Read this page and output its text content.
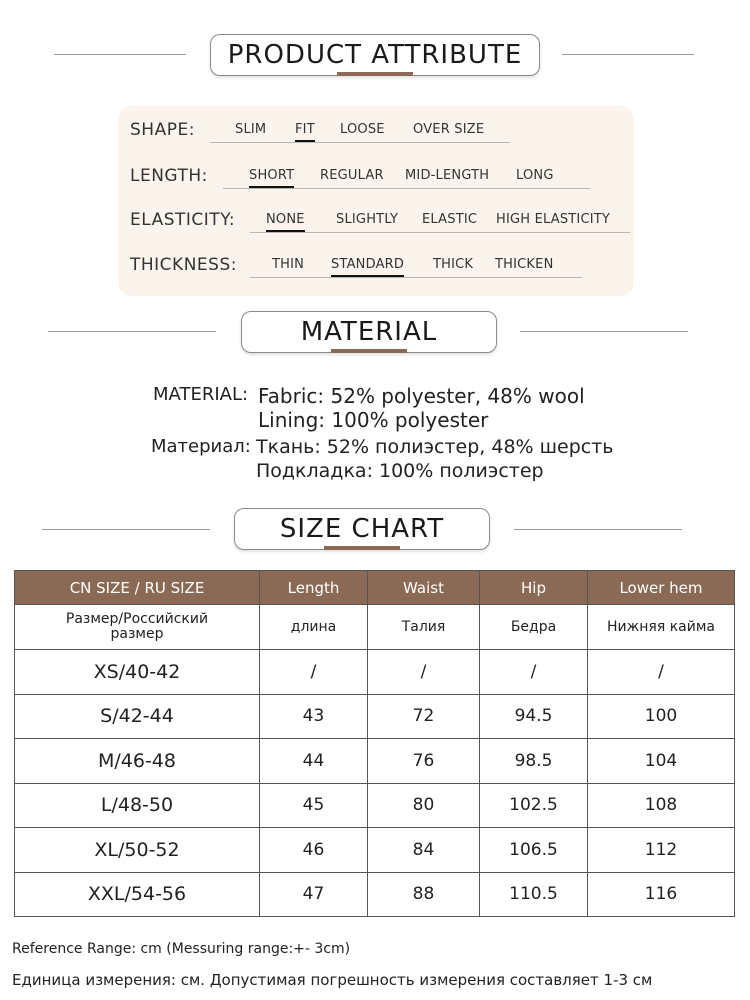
PRODUCT ATTRIBUTE
SHAPE:	SLIM FIT LOOSE OVER SIZE
LENGTH:	SHORT REGULAR MID-LENGTH LONG
ELASTICITY: NONE SLIGHTLY ELASTIC HIGH ELASTICITY
THICKNESS:	THIN STANDARD THICK THICKEN
MATERIAL
MATERIAL: Fabric: 52% polyester, 48% wool
Lining: 100% polyester
Материал: Ткань: 52% полиэстер, 48% шерсть
Подкладка: 100% полиэстер
SIZE CHART
CN SIZE / RU SIZE	Length	Waist	Hip	Lower hem
Размер/Российский размер	длина	Талия	Бедра	Нижняя кайма
XS/40-42	/	/	/	/
S/42-44	43	72	94.5	100
M/46-48	44	76	98.5	104
L/48-50	45	80	102.5	108
XL/50-52	46	84	106.5	112
XXL/54-56	47	88	110.5	116
Reference Range: cm (Messuring range:+- 3cm)
Единица измерения: см. Допустимая погрешность измерения составляет 1-3 см
